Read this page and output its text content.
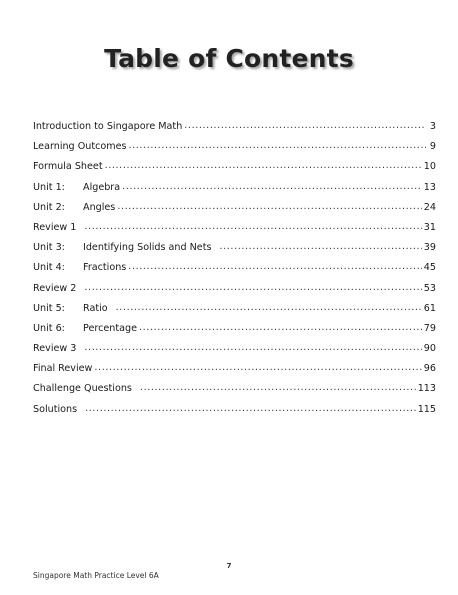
Table of Contents
Introduction to Singapore Math .....	3
Learning Outcomes .....	9
Formula Sheet .....	10
Unit 1:	Algebra .....	13
Unit 2:	Angles .....	24
Review 1 .....	31
Unit 3:	Identifying Solids and Nets .....	39
Unit 4:	Fractions .....	45
Review 2 .....	53
Unit 5:	Ratio .....	61
Unit 6:	Percentage .....	79
Review 3 .....	90
Final Review .....	96
Challenge Questions .....	113
Solutions .....	115
7
Singapore Math Practice Level 6A
